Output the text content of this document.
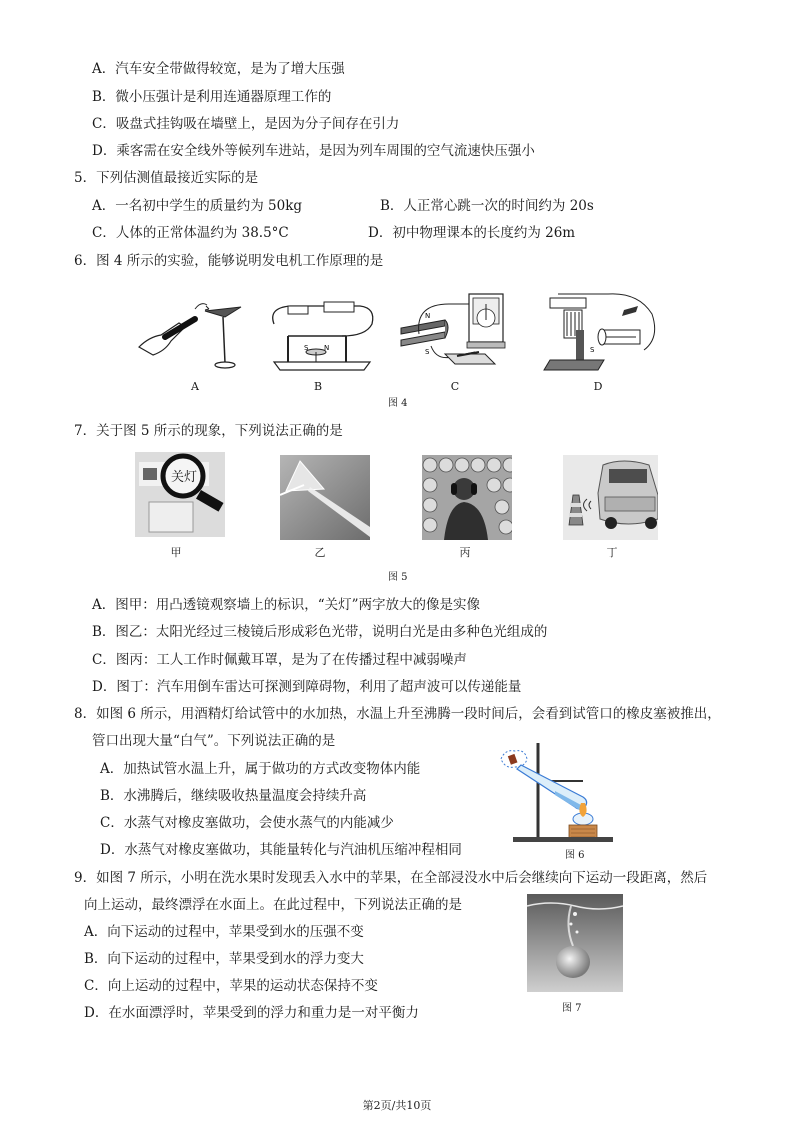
A．汽车安全带做得较宽，是为了增大压强
B．微小压强计是利用连通器原理工作的
C．吸盘式挂钩吸在墙壁上，是因为分子间存在引力
D．乘客需在安全线外等候列车进站，是因为列车周围的空气流速快压强小
5．下列估测值最接近实际的是
A．一名初中学生的质量约为 50kg	B．人正常心跳一次的时间约为 20s
C．人体的正常体温约为 38.5°C	D．初中物理课本的长度约为 26m
6．图 4 所示的实验，能够说明发电机工作原理的是
S N
N
S	S
A	B	C	D
图 4
7．关于图 5 所示的现象，下列说法正确的是
关灯
甲	乙	丙	丁
图 5
A．图甲：用凸透镜观察墙上的标识，“关灯”两字放大的像是实像
B．图乙：太阳光经过三棱镜后形成彩色光带，说明白光是由多种色光组成的
C．图丙：工人工作时佩戴耳罩，是为了在传播过程中减弱噪声
D．图丁：汽车用倒车雷达可探测到障碍物，利用了超声波可以传递能量
8．如图 6 所示，用酒精灯给试管中的水加热，水温上升至沸腾一段时间后，会看到试管口的橡皮塞被推出，
管口出现大量“白气”。下列说法正确的是
A．加热试管水温上升，属于做功的方式改变物体内能
B．水沸腾后，继续吸收热量温度会持续升高
C．水蒸气对橡皮塞做功，会使水蒸气的内能减少
D．水蒸气对橡皮塞做功，其能量转化与汽油机压缩冲程相同	图 6
9．如图 7 所示，小明在洗水果时发现丢入水中的苹果，在全部浸没水中后会继续向下运动一段距离，然后
向上运动，最终漂浮在水面上。在此过程中，下列说法正确的是
A．向下运动的过程中，苹果受到水的压强不变
B．向下运动的过程中，苹果受到水的浮力变大
C．向上运动的过程中，苹果的运动状态保持不变
D．在水面漂浮时，苹果受到的浮力和重力是一对平衡力	图 7
第2页/共10页
